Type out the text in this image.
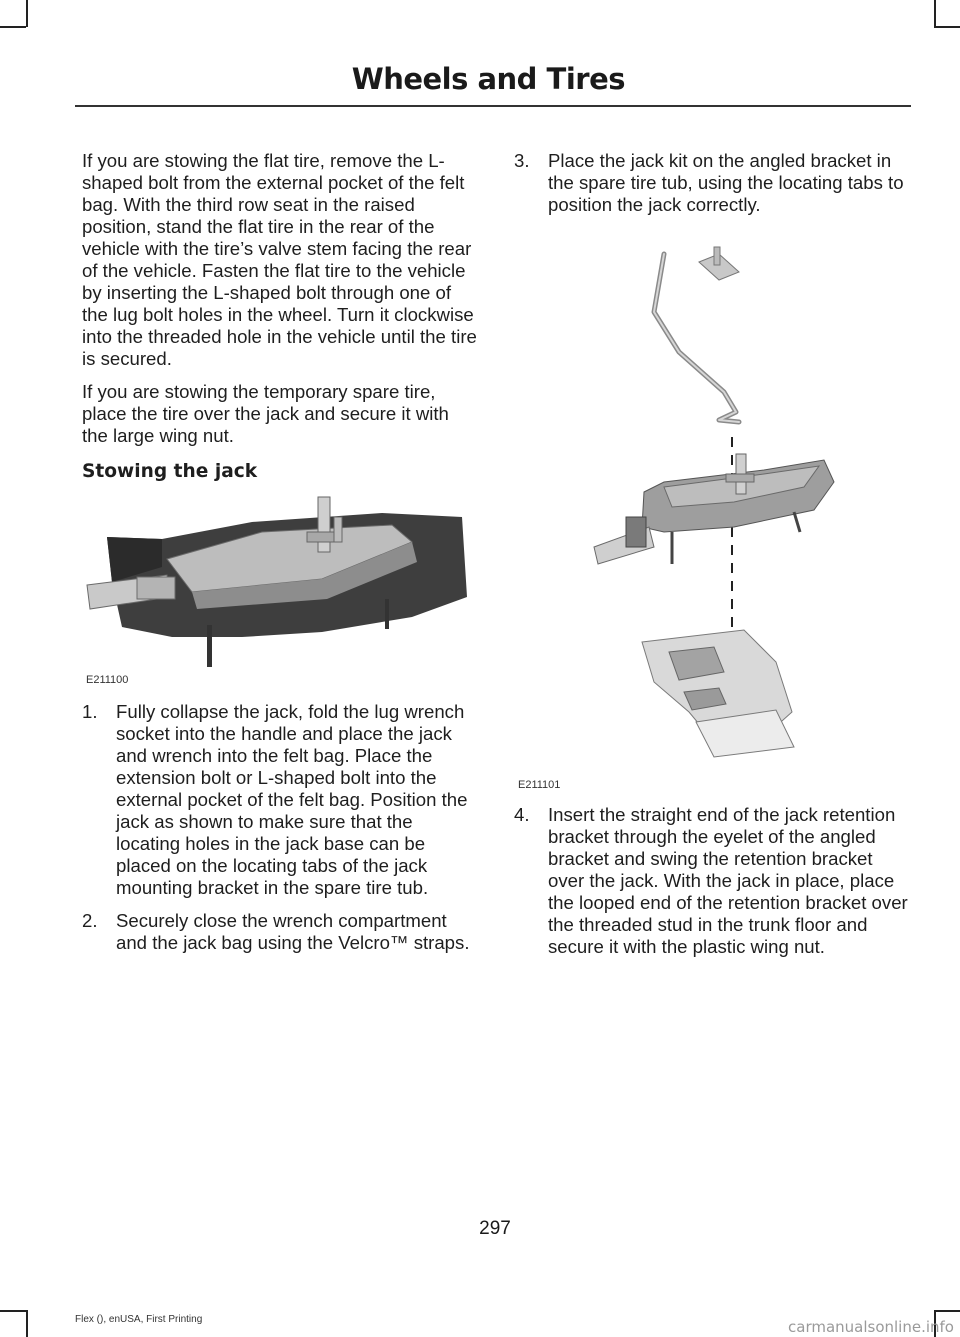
Wheels and Tires

If you are stowing the flat tire, remove the L-shaped bolt from the external pocket of the felt bag. With the third row seat in the raised position, stand the flat tire in the rear of the vehicle with the tire’s valve stem facing the rear of the vehicle. Fasten the flat tire to the vehicle by inserting the L-shaped bolt through one of the lug bolt holes in the wheel. Turn it clockwise into the threaded hole in the vehicle until the tire is secured.

If you are stowing the temporary spare tire, place the tire over the jack and secure it with the large wing nut.

Stowing the jack
E211100
1. Fully collapse the jack, fold the lug wrench socket into the handle and place the jack and wrench into the felt bag. Place the extension bolt or L-shaped bolt into the external pocket of the felt bag. Position the jack as shown to make sure that the locating holes in the jack base can be placed on the locating tabs of the jack mounting bracket in the spare tire tub.
2. Securely close the wrench compartment and the jack bag using the Velcro™ straps.
3. Place the jack kit on the angled bracket in the spare tire tub, using the locating tabs to position the jack correctly.
E211101
4. Insert the straight end of the jack retention bracket through the eyelet of the angled bracket and swing the retention bracket over the jack. With the jack in place, place the looped end of the retention bracket over the threaded stud in the trunk floor and secure it with the plastic wing nut.
297
Flex (), enUSA, First Printing	carmanualsonline.info
